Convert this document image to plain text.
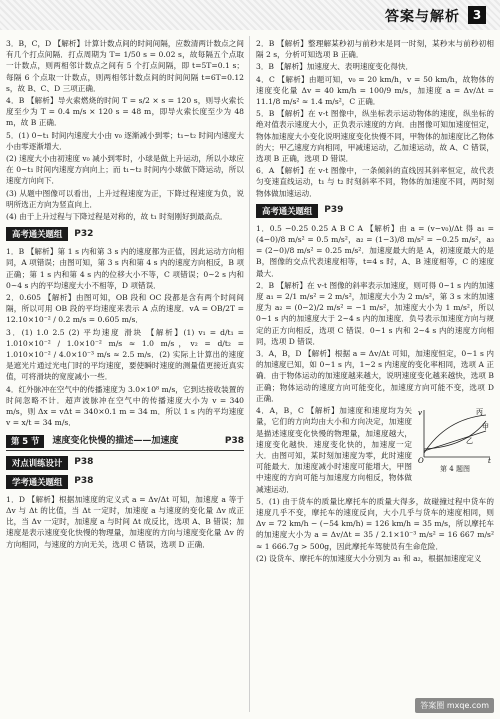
答案与解析	3

3．B，C，D 【解析】计算计数点间的时间间隔，应数清两计数点之间有几个打点间隔．打点周期为 T= 1/50 s = 0.02 s，故每隔五个点取一计数点，则两相邻计数点之间有 5 个打点间隔，即 t=5T=0.1 s；每隔 6 个点取一计数点，则两相邻计数点间的时间间隔 t=6T=0.12 s，故 B、C、D 三项正确．

4．B 【解析】导火索燃烧的时间 T = s/2 × s = 120 s，则导火索长度至少为 T = 0.4 m/s × 120 s = 48 m，即导火索长度至少为 48 m，故 B 正确．

5．(1) 0~t₁ 时间内速度大小由 v₀ 逐渐减小到零；t₁~t₂ 时间内速度大小由零逐渐增大．

(2) 速度大小由初速度 v₀ 减小到零时，小球是做上升运动，所以小球应在 0~t₁ 时间内速度方向向上；而 t₁~t₂ 时间内小球做下降运动，所以速度方向向下．

(3) 从题中图像可以看出，上升过程速度为正，下降过程速度为负，说明所选正方向为竖直向上．

(4) 由于上升过程与下降过程是对称的，故 t₁ 时刻刚好到最高点．

高考通关题组	P32

1．B 【解析】第 1 s 内和第 3 s 内的速度都为正值，因此运动方向相同，A 项错误；由图可知，第 3 s 内和第 4 s 内的速度方向相反，B 项正确；第 1 s 内和第 4 s 内的位移大小不等，C 项错误；0~2 s 内和 0~4 s 内的平均速度大小不相等，D 项错误．

2．0.605 【解析】由图可知，OB 段和 OC 段都是含有两个时间间隔，所以可用 OB 段的平均速度来表示 A 点的速度．vA = OB/2T = 12.10×10⁻² / 0.2 m/s = 0.605 m/s．

3．(1) 1.0 2.5 (2) 平均速度 滑块 【解析】(1) v₁ = d/t₁ = 1.010×10⁻² / 1.0×10⁻² m/s ≈ 1.0 m/s，v₂ = d/t₂ = 1.010×10⁻² / 4.0×10⁻³ m/s ≈ 2.5 m/s．(2) 实际上计算出的速度是遮光片通过光电门时的平均速度，要使瞬时速度的测量值更接近真实值，可将滑块的宽度减小一些．

4．红外脉冲在空气中的传播速度为 3.0×10⁸ m/s，它到达接收装置的时间忽略不计．超声波脉冲在空气中的传播速度大小为 v = 340 m/s，则 Δx = vΔt = 340×0.1 m = 34 m．所以 1 s 内的平均速度 v = x/t = 34 m/s．

第 5 节	速度变化快慢的描述——加速度	P38
对点训练设计	P38
学考通关题组	P38

1．D 【解析】根据加速度的定义式 a = Δv/Δt 可知，加速度 a 等于 Δv 与 Δt 的比值，当 Δt 一定时，加速度 a 与速度的变化量 Δv 成正比，当 Δv 一定时，加速度 a 与时间 Δt 成反比，选项 A、B 错误；加速度是表示速度变化快慢的物理量，加速度的方向与速度变化量 Δv 的方向相同，与速度的方向无关，选项 C 错误，选项 D 正确．

2．B 【解析】整理解某秒初与前秒末是同一时刻，某秒末与前秒初相隔 2 s，分析可知选项 B 正确．

3．B 【解析】加速度大、表明速度变化得快．

4．C 【解析】由题可知，v₀ = 20 km/h，v = 50 km/h，故物体的速度变化量 Δv = 40 km/h = 100/9 m/s，加速度 a = Δv/Δt = 11.1/8 m/s² ≈ 1.4 m/s²，C 正确．

5．B 【解析】在 v-t 图像中，纵坐标表示运动物体的速度，纵坐标的绝对值表示速度大小，正负表示速度的方向．由图像可知加速度恒定，物体加速度大小变化说明速度变化快慢不同，甲物体的加速度比乙物体的大；甲乙速度方向相同，甲减速运动，乙加速运动，故 A、C 错误，选项 B 正确，选项 D 错误．

6．A 【解析】在 v-t 图像中，一条倾斜的直线因其斜率恒定，故代表匀变速直线运动，t₁ 与 t₂ 时刻斜率不同，物体的加速度不同，两时刻物体做加速运动．

高考通关题组	P39

1．0.5 −0.25 0.25 A B C A 【解析】由 a = (v−v₀)/Δt 得 a₁ = (4−0)/8 m/s² = 0.5 m/s²，a₂ = (1−3)/8 m/s² = −0.25 m/s²，a₃ = (2−0)/8 m/s² = 0.25 m/s²．加速度最大的是 A，初速度最大的是 B，图像的交点代表速度相等，t=4 s 时，A、B 速度相等，C 的速度最大．

2．B 【解析】在 v-t 图像的斜率表示加速度，则可得 0~1 s 内的加速度 a₁ = 2/1 m/s² = 2 m/s²，加速度大小为 2 m/s²，第 3 s 末的加速度为 a₂ = (0−2)/2 m/s² = −1 m/s²，加速度大小为 1 m/s²，所以 0~1 s 内的加速度大于 2~4 s 内的加速度．负号表示加速度方向与规定的正方向相反，选项 C 错误．0~1 s 内和 2~4 s 内的速度方向相同，选项 D 错误．

3．A，B，D 【解析】根据 a = Δv/Δt 可知，加速度恒定，0~1 s 内的加速度已知，如 0~1 s 内，1~2 s 内速度的变化率相同，选项 A 正确．由于物体运动的加速度越来越大，说明速度变化越来越快，选项 B 正确；物体运动的速度方向可能变化，加速度方向可能不变，选项 D 正确．

v
t
O
丙
甲
乙
第 4 题图

4．A，B，C 【解析】加速度和速度均为矢量，它们的方向均由大小和方向决定，加速度是描述速度变化快慢的物理量，加速度越大，速度变化越快．速度变化快的，加速度一定大．由图可知，某时刻加速度为零，此时速度可能最大．加速度减小时速度可能增大，甲图中速度的方向可能与加速度方向相反，物体做减速运动．

5．(1) 由于货车的质量比摩托车的质量大得多，故碰撞过程中货车的速度几乎不变，摩托车的速度反向，大小几乎与货车的速度相同，则 Δv = 72 km/h − (−54 km/h) = 126 km/h = 35 m/s，所以摩托车的加速度大小为 a = Δv/Δt = 35 / 2.1×10⁻³ m/s² = 16 667 m/s² ≈ 1 666.7g > 500g，因此摩托车驾驶员有生命危险．

(2) 设货车、摩托车的加速度大小分别为 a₁ 和 a₂，根据加速度定义

答案圈 mxqe.com
